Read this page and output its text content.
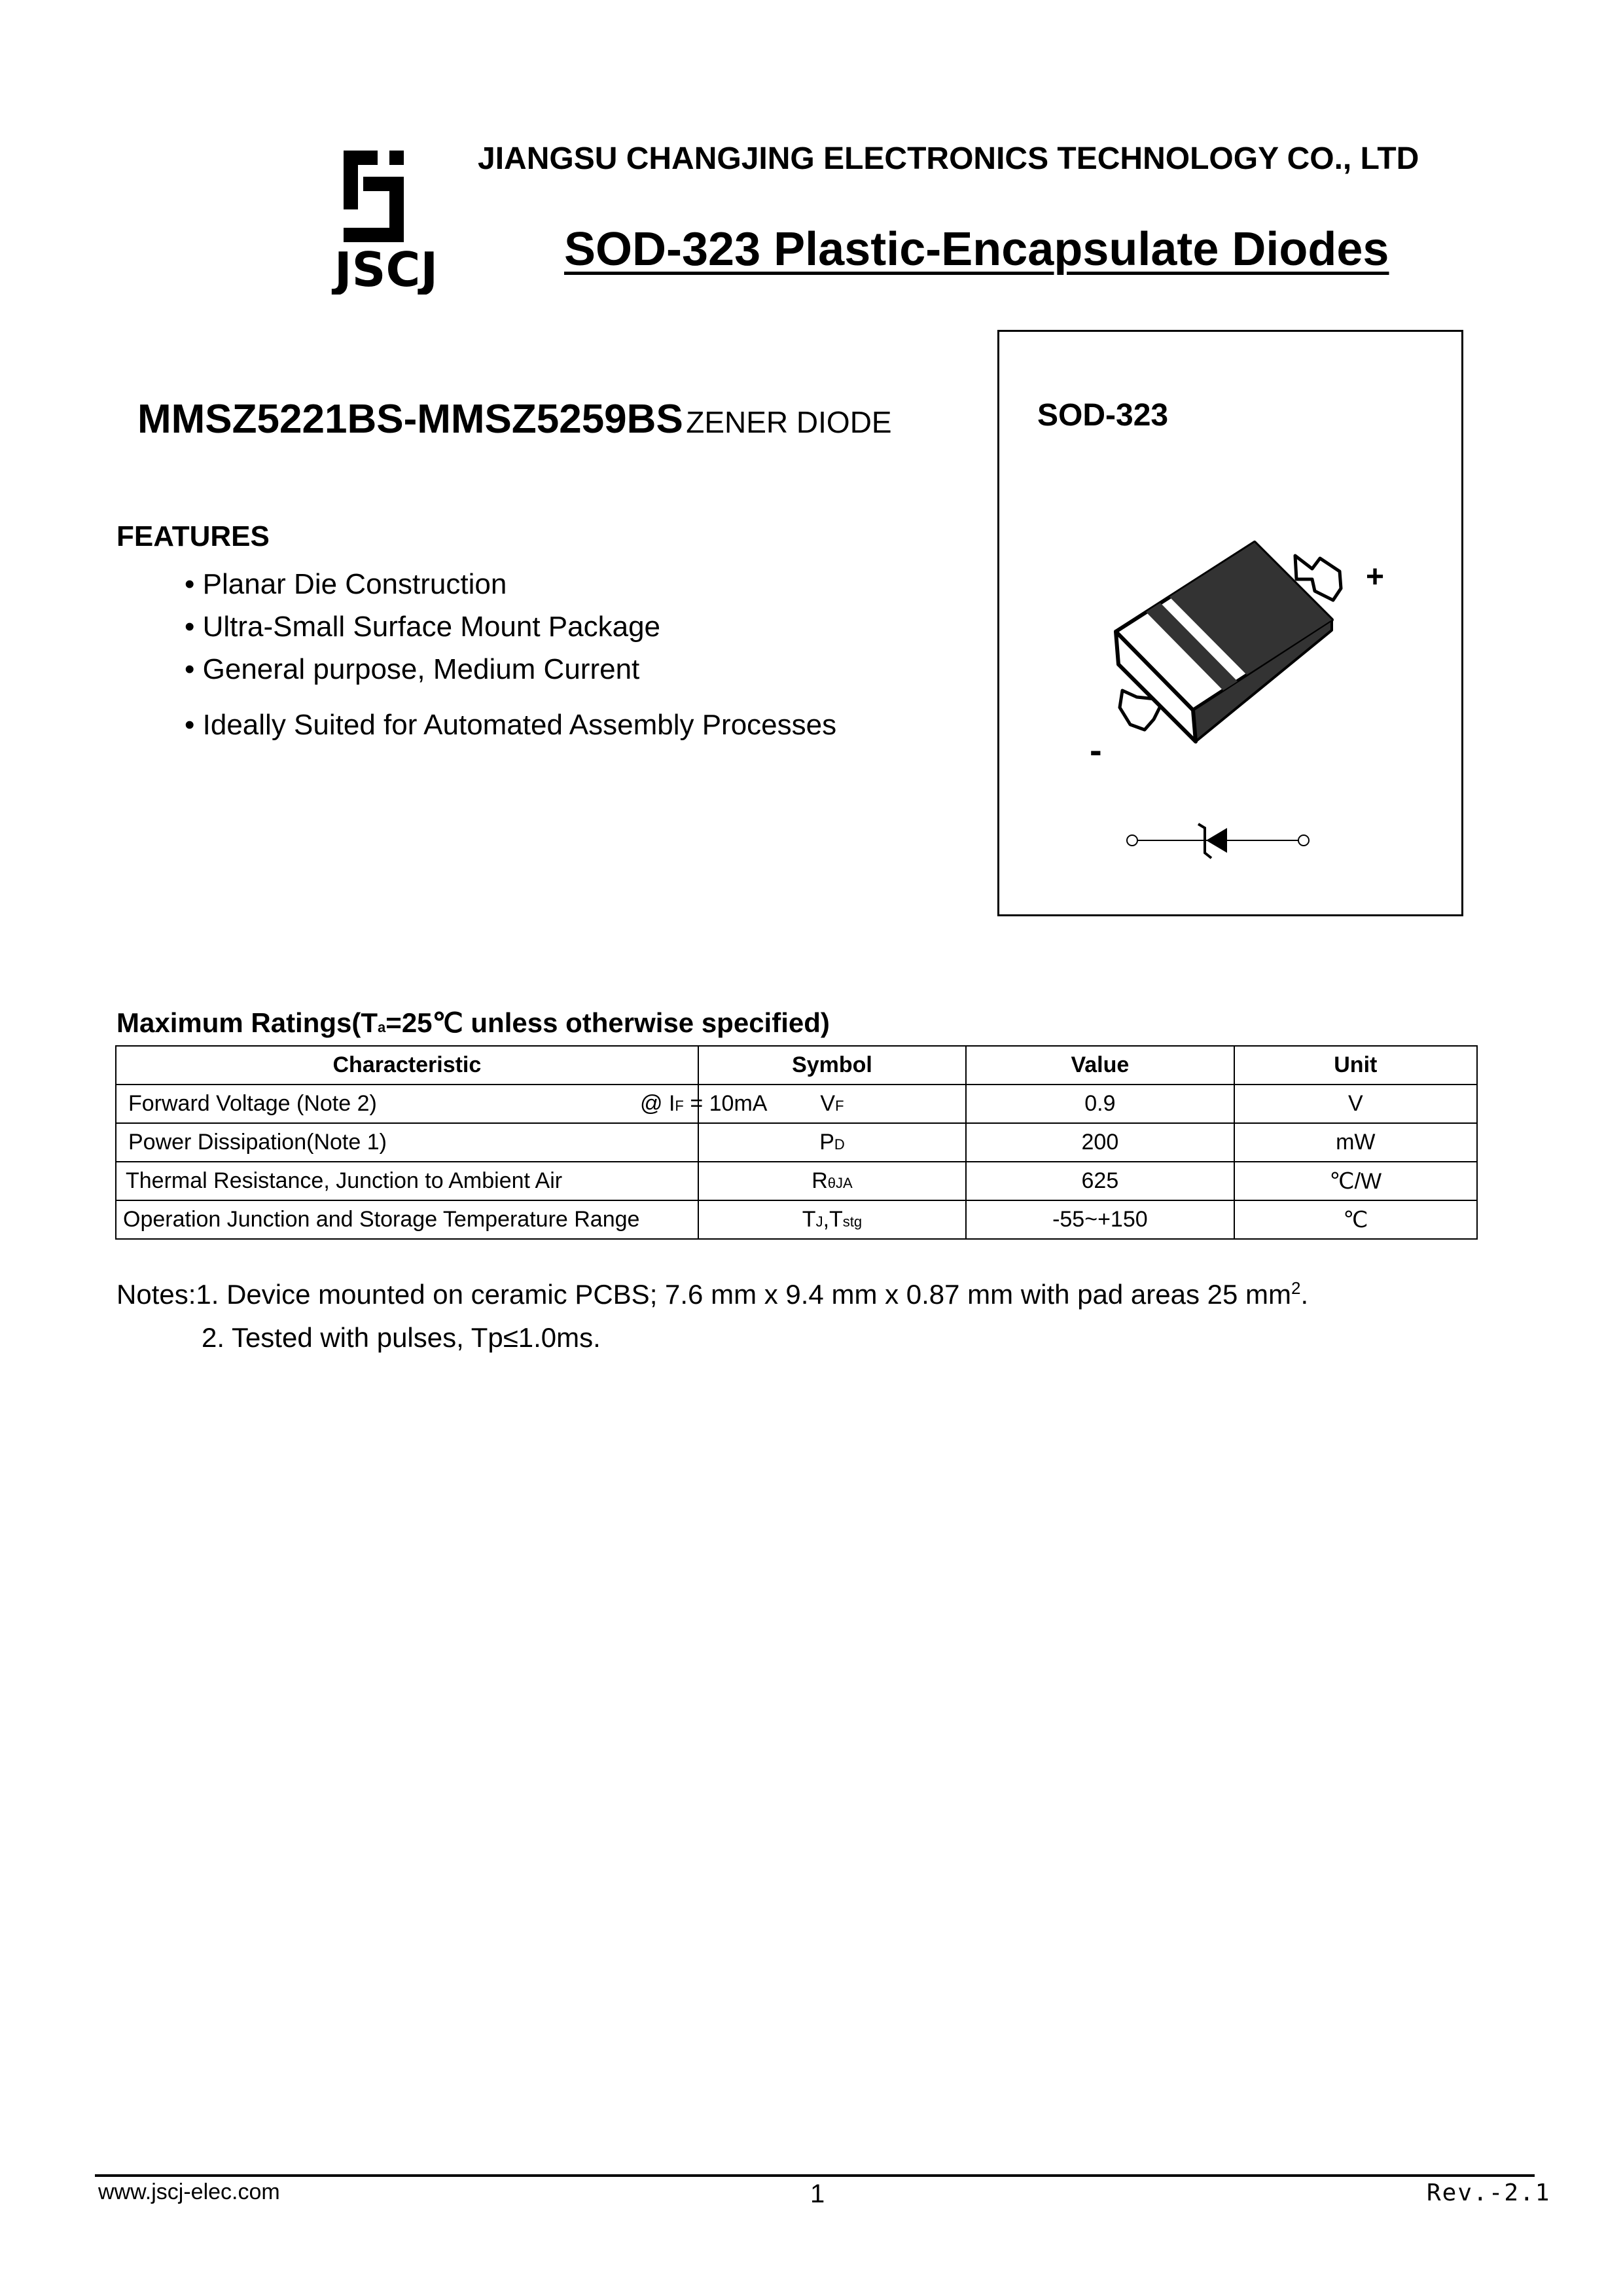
JSCJ
JIANGSU CHANGJING ELECTRONICS TECHNOLOGY CO., LTD
SOD-323 Plastic-Encapsulate Diodes
SOD-323
+
-
MMSZ5221BS-MMSZ5259BS ZENER DIODE
FEATURES
• Planar Die Construction
• Ultra-Small Surface Mount Package
• General purpose, Medium Current
• Ideally Suited for Automated Assembly Processes
Maximum Ratings(Ta=25℃ unless otherwise specified)
Characteristic	Symbol	Value	Unit
Forward Voltage (Note 2) @ IF = 10mA	VF	0.9	V
Power Dissipation(Note 1)	PD	200	mW
Thermal Resistance, Junction to Ambient Air	RθJA	625	℃/W
Operation Junction and Storage Temperature Range	TJ,Tstg	-55~+150	℃
Notes:1. Device mounted on ceramic PCBS; 7.6 mm x 9.4 mm x 0.87 mm with pad areas 25 $mm^2$.
2. Tested with pulses, Tp≤1.0ms.
www.jscj-elec.com	1	Rev.-2.1
